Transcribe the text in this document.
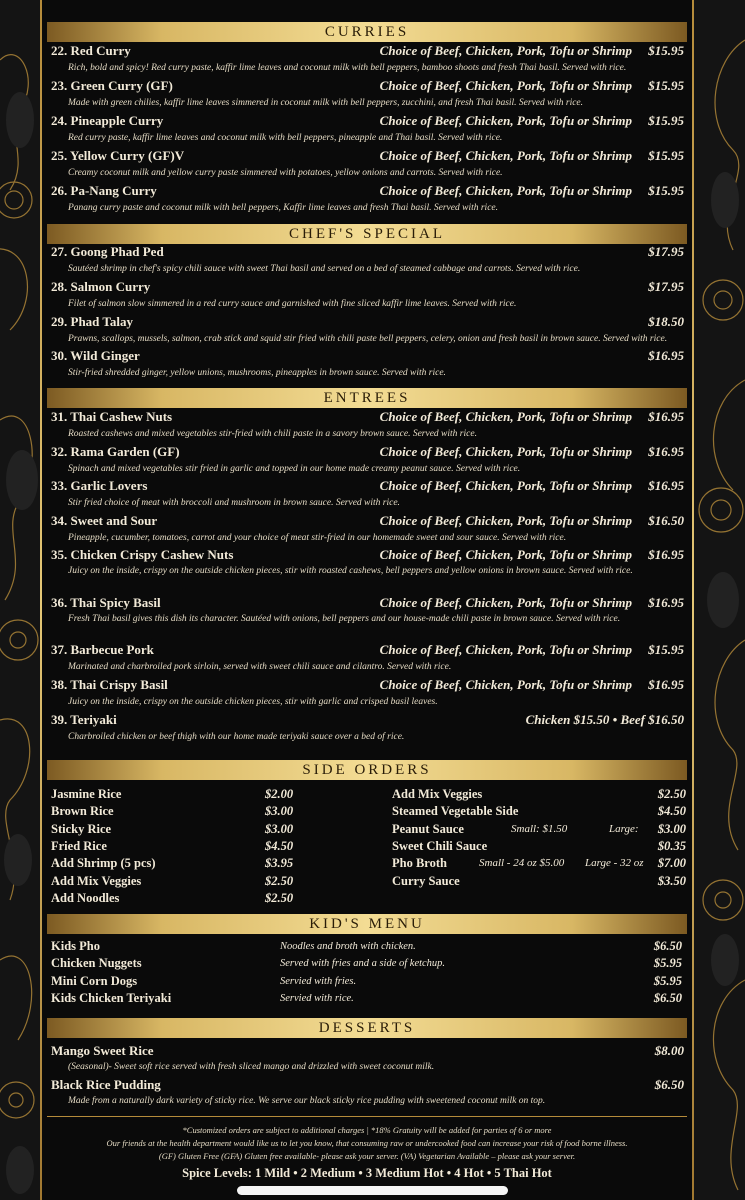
CURRIES
22. Red Curry	Choice of Beef, Chicken, Pork, Tofu or Shrimp $15.95
Rich, bold and spicy! Red curry paste, kaffir lime leaves and coconut milk with bell peppers, bamboo shoots and fresh Thai basil. Served with rice.
23. Green Curry (GF)	Choice of Beef, Chicken, Pork, Tofu or Shrimp $15.95
Made with green chilies, kaffir lime leaves simmered in coconut milk with bell peppers, zucchini, and fresh Thai basil. Served with rice.
24. Pineapple Curry	Choice of Beef, Chicken, Pork, Tofu or Shrimp $15.95
Red curry paste, kaffir lime leaves and coconut milk with bell peppers, pineapple and Thai basil. Served with rice.
25. Yellow Curry (GF)V	Choice of Beef, Chicken, Pork, Tofu or Shrimp $15.95
Creamy coconut milk and yellow curry paste simmered with potatoes, yellow onions and carrots. Served with rice.
26. Pa-Nang Curry	Choice of Beef, Chicken, Pork, Tofu or Shrimp $15.95
Panang curry paste and coconut milk with bell peppers, Kaffir lime leaves and fresh Thai basil. Served with rice.
CHEF'S SPECIAL
27. Goong Phad Ped	$17.95
Sautéed shrimp in chef's spicy chili sauce with sweet Thai basil and served on a bed of steamed cabbage and carrots. Served with rice.
28. Salmon Curry	$17.95
Filet of salmon slow simmered in a red curry sauce and garnished with fine sliced kaffir lime leaves. Served with rice.
29. Phad Talay	$18.50
Prawns, scallops, mussels, salmon, crab stick and squid stir fried with chili paste bell peppers, celery, onion and fresh basil in brown sauce. Served with rice.
30. Wild Ginger	$16.95
Stir-fried shredded ginger, yellow unions, mushrooms, pineapples in brown sauce. Served with rice.
ENTREES
31. Thai Cashew Nuts	Choice of Beef, Chicken, Pork, Tofu or Shrimp $16.95
Roasted cashews and mixed vegetables stir-fried with chili paste in a savory brown sauce. Served with rice.
32. Rama Garden (GF)	Choice of Beef, Chicken, Pork, Tofu or Shrimp $16.95
Spinach and mixed vegetables stir fried in garlic and topped in our home made creamy peanut sauce. Served with rice.
33. Garlic Lovers	Choice of Beef, Chicken, Pork, Tofu or Shrimp $16.95
Stir fried choice of meat with broccoli and mushroom in brown sauce. Served with rice.
34. Sweet and Sour	Choice of Beef, Chicken, Pork, Tofu or Shrimp $16.50
Pineapple, cucumber, tomatoes, carrot and your choice of meat stir-fried in our homemade sweet and sour sauce. Served with rice.
35. Chicken Crispy Cashew Nuts	Choice of Beef, Chicken, Pork, Tofu or Shrimp $16.95
Juicy on the inside, crispy on the outside chicken pieces, stir with roasted cashews, bell peppers and yellow onions in brown sauce. Served with rice.
36. Thai Spicy Basil	Choice of Beef, Chicken, Pork, Tofu or Shrimp $16.95
Fresh Thai basil gives this dish its character. Sautéed with onions, bell peppers and our house-made chili paste in brown sauce. Served with rice.
37. Barbecue Pork	Choice of Beef, Chicken, Pork, Tofu or Shrimp $15.95
Marinated and charbroiled pork sirloin, served with sweet chili sauce and cilantro. Served with rice.
38. Thai Crispy Basil	Choice of Beef, Chicken, Pork, Tofu or Shrimp $16.95
Juicy on the inside, crispy on the outside chicken pieces, stir with garlic and crisped basil leaves.
39. Teriyaki	Chicken $15.50 • Beef $16.50
Charbroiled chicken or beef thigh with our home made teriyaki sauce over a bed of rice.
SIDE ORDERS
Jasmine Rice	$2.00
Brown Rice	$3.00
Sticky Rice	$3.00
Fried Rice	$4.50
Add Shrimp (5 pcs)	$3.95
Add Mix Veggies	$2.50
Add Noodles	$2.50
Add Mix Veggies	$2.50
Steamed Vegetable Side	$4.50
Peanut Sauce	Small: $1.50	Large: $3.00
Sweet Chili Sauce	$0.35
Pho Broth	Small - 24 oz $5.00 Large - 32 oz $7.00
Curry Sauce	$3.50
KID'S MENU
Kids Pho	Noodles and broth with chicken.	$6.50
Chicken Nuggets	Served with fries and a side of ketchup.	$5.95
Mini Corn Dogs	Servied with fries.	$5.95
Kids Chicken Teriyaki	Servied with rice.	$6.50
DESSERTS
Mango Sweet Rice	$8.00
(Seasonal)- Sweet soft rice served with fresh sliced mango and drizzled with sweet coconut milk.
Black Rice Pudding	$6.50
Made from a naturally dark variety of sticky rice. We serve our black sticky rice pudding with sweetened coconut milk on top.
*Customized orders are subject to additional charges | *18% Gratuity will be added for parties of 6 or more
Our friends at the health department would like us to let you know, that consuming raw or undercooked food can increase your risk of food borne illness.
(GF) Gluten Free (GFA) Gluten free available- please ask your server. (VA) Vegetarian Available – please ask your server.
Spice Levels: 1 Mild • 2 Medium • 3 Medium Hot • 4 Hot • 5 Thai Hot
